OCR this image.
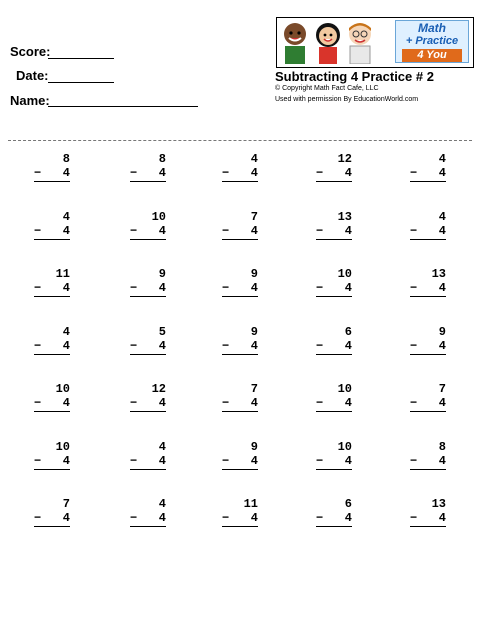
Score:
Date:
Name:
Math
+ Practice
4 You
Subtracting 4 Practice # 2
© Copyright Math Fact Cafe, LLC
Used with permission By EducationWorld.com
8
− 4
8
− 4
4
− 4
12
− 4
4
− 4
4
− 4
10
− 4
7
− 4
13
− 4
4
− 4
11
− 4
9
− 4
9
− 4
10
− 4
13
− 4
4
− 4
5
− 4
9
− 4
6
− 4
9
− 4
10
− 4
12
− 4
7
− 4
10
− 4
7
− 4
10
− 4
4
− 4
9
− 4
10
− 4
8
− 4
7
− 4
4
− 4
11
− 4
6
− 4
13
− 4
